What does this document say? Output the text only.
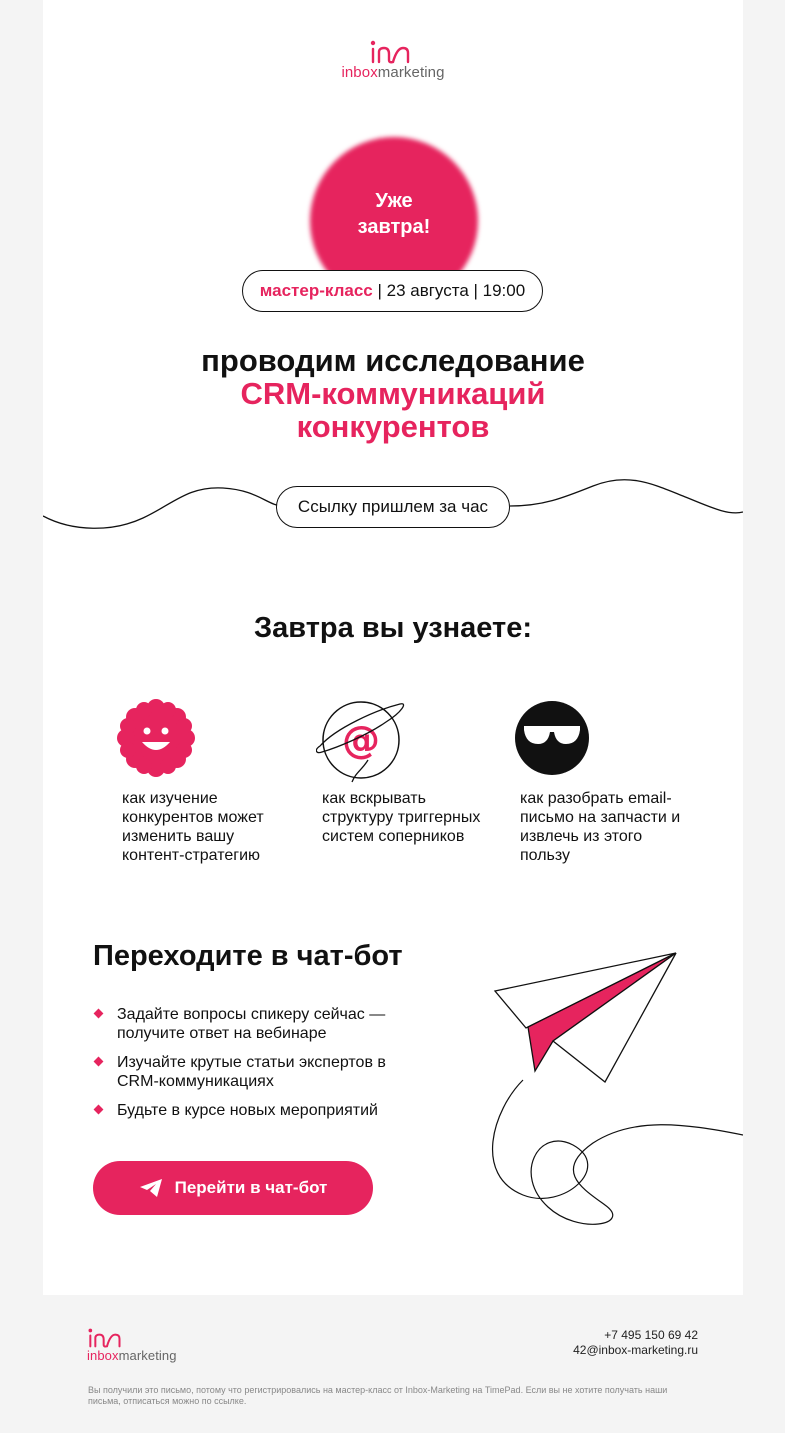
inboxmarketing
Уже завтра!
мастер-класс | 23 августа | 19:00
проводим исследование
CRM-коммуникаций
конкурентов
Ссылку пришлем за час
Завтра вы узнаете:
@
как изучение конкурентов может изменить вашу контент-стратегию
как вскрывать структуру триггерных систем соперников
как разобрать email-письмо на запчасти и извлечь из этого пользу
Переходите в чат-бот
Задайте вопросы спикеру сейчас — получите ответ на вебинаре
Изучайте крутые статьи экспертов в CRM-коммуникациях
Будьте в курсе новых мероприятий
Перейти в чат-бот
inboxmarketing
+7 495 150 69 42
42@inbox-marketing.ru
Вы получили это письмо, потому что регистрировались на мастер-класс от Inbox-Marketing на TimePad. Если вы не хотите получать наши письма, отписаться можно по ссылке.
